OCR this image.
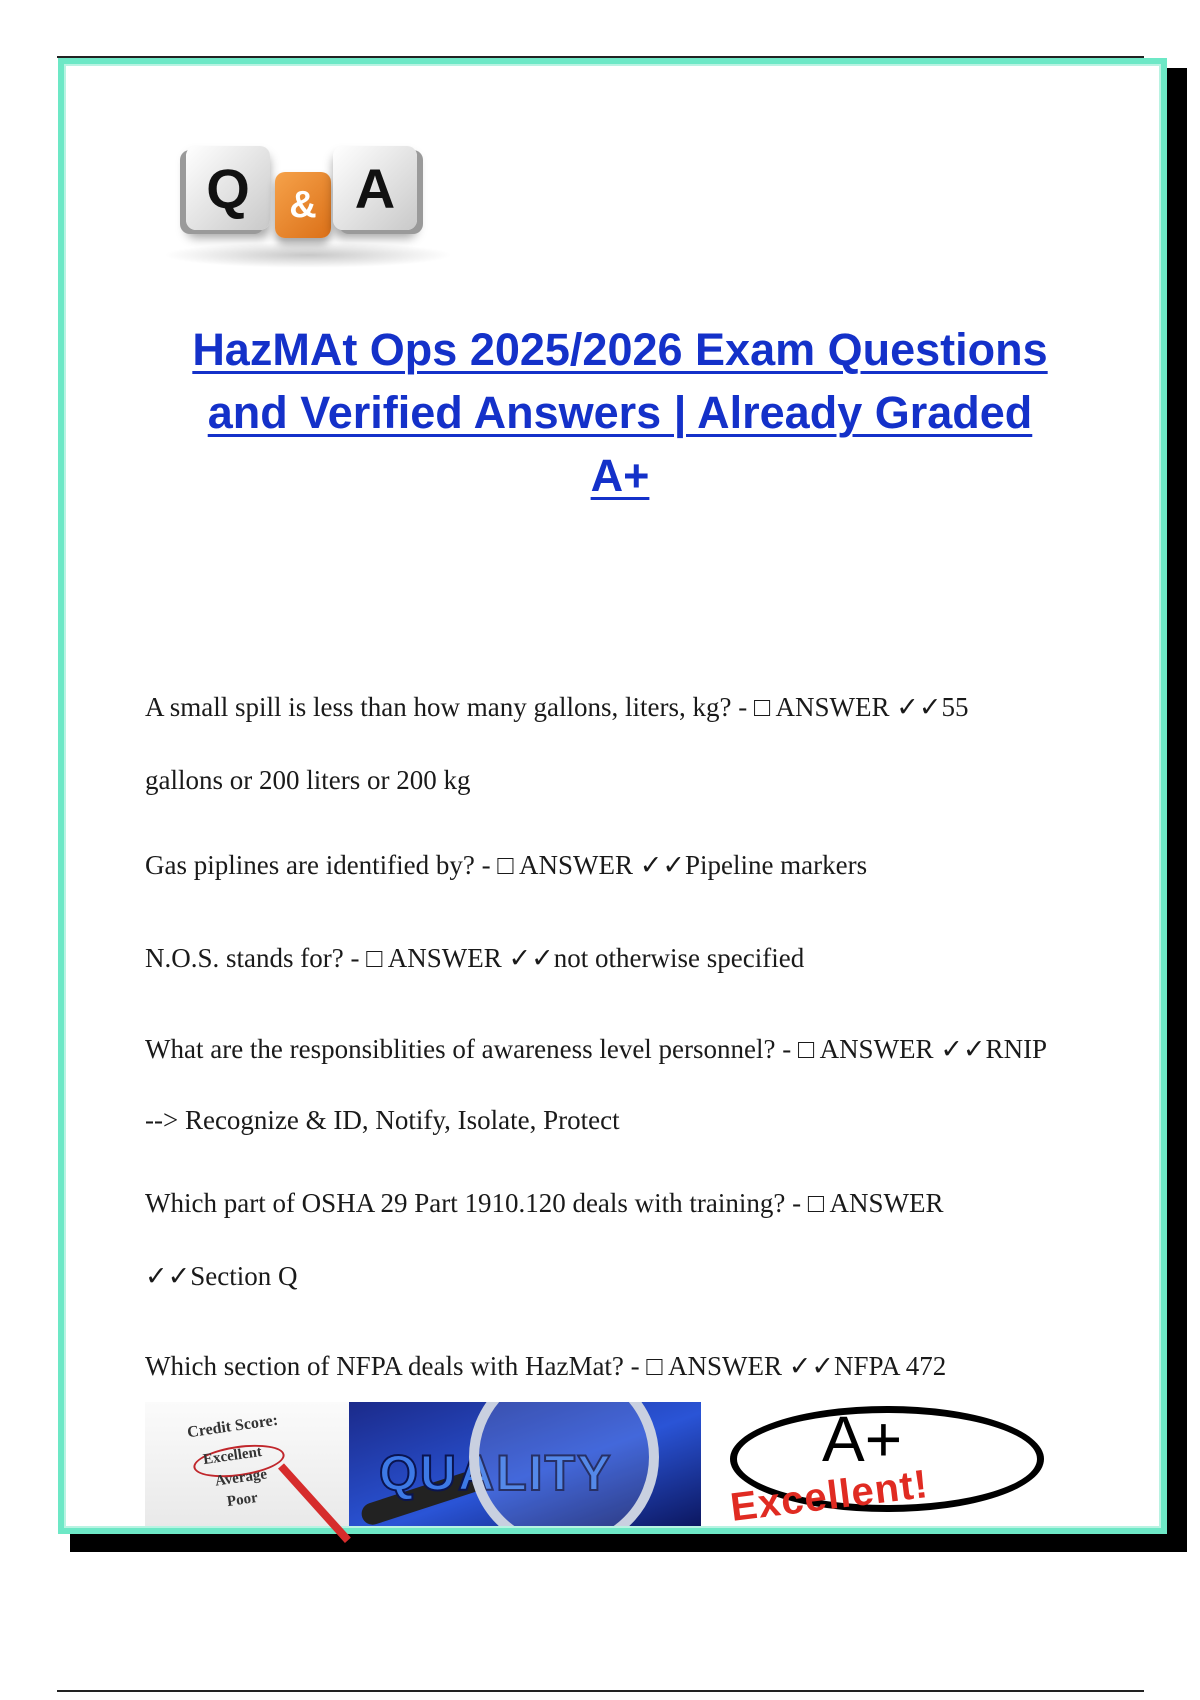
Q	& A
HazMAt Ops 2025/2026 Exam Questions
and Verified Answers | Already Graded
A+
A small spill is less than how many gallons, liters, kg? - □ ANSWER ✓✓55
gallons or 200 liters or 200 kg
Gas piplines are identified by? - □ ANSWER ✓✓Pipeline markers
N.O.S. stands for? - □ ANSWER ✓✓not otherwise specified
What are the responsiblities of awareness level personnel? - □ ANSWER ✓✓RNIP
--> Recognize & ID, Notify, Isolate, Protect
Which part of OSHA 29 Part 1910.120 deals with training? - □ ANSWER
✓✓Section Q
Which section of NFPA deals with HazMat? - □ ANSWER ✓✓NFPA 472
Credit Score:
Excellent
Average
Poor QUALITY	A+
Excellent!
